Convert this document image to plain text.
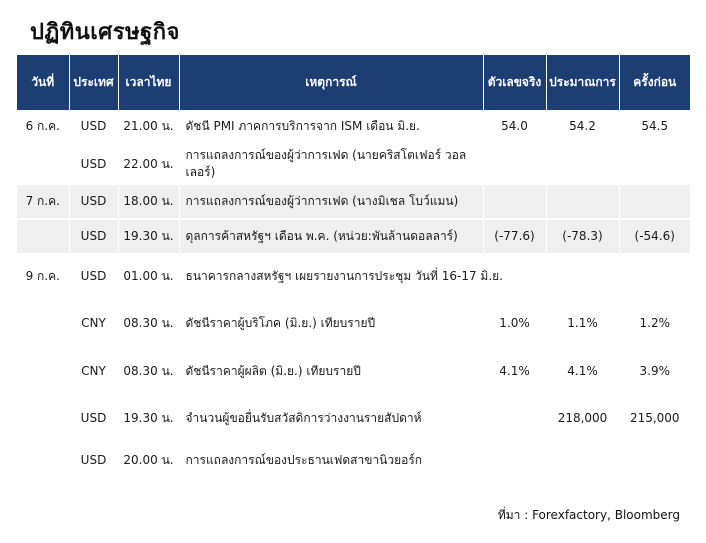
ปฏิทินเศรษฐกิจ
วันที่	ประเทศ	เวลาไทย	เหตุการณ์	ตัวเลขจริง	ประมาณการ	ครั้งก่อน
6 ก.ค.	USD	21.00 น.	ดัชนี PMI ภาคการบริการจาก ISM เดือน มิ.ย.	54.0	54.2	54.5
	USD	22.00 น.	การแถลงการณ์ของผู้ว่าการเฟด (นายคริสโตเฟอร์ วอล เลอร์)			
7 ก.ค.	USD	18.00 น.	การแถลงการณ์ของผู้ว่าการเฟด (นางมิเชล โบว์แมน)			
	USD	19.30 น.	ดุลการค้าสหรัฐฯ เดือน พ.ค. (หน่วย:พันล้านดอลลาร์)	(-77.6)	(-78.3)	(-54.6)
9 ก.ค.	USD	01.00 น.	ธนาคารกลางสหรัฐฯ เผยรายงานการประชุม วันที่ 16-17 มิ.ย.			
	CNY	08.30 น.	ดัชนีราคาผู้บริโภค (มิ.ย.) เทียบรายปี	1.0%	1.1%	1.2%
	CNY	08.30 น.	ดัชนีราคาผู้ผลิต (มิ.ย.) เทียบรายปี	4.1%	4.1%	3.9%
	USD	19.30 น.	จำนวนผู้ขอยื่นรับสวัสดิการว่างงานรายสัปดาห์		218,000	215,000
	USD	20.00 น.	การแถลงการณ์ของประธานเฟดสาขานิวยอร์ก			
ที่มา : Forexfactory, Bloomberg
